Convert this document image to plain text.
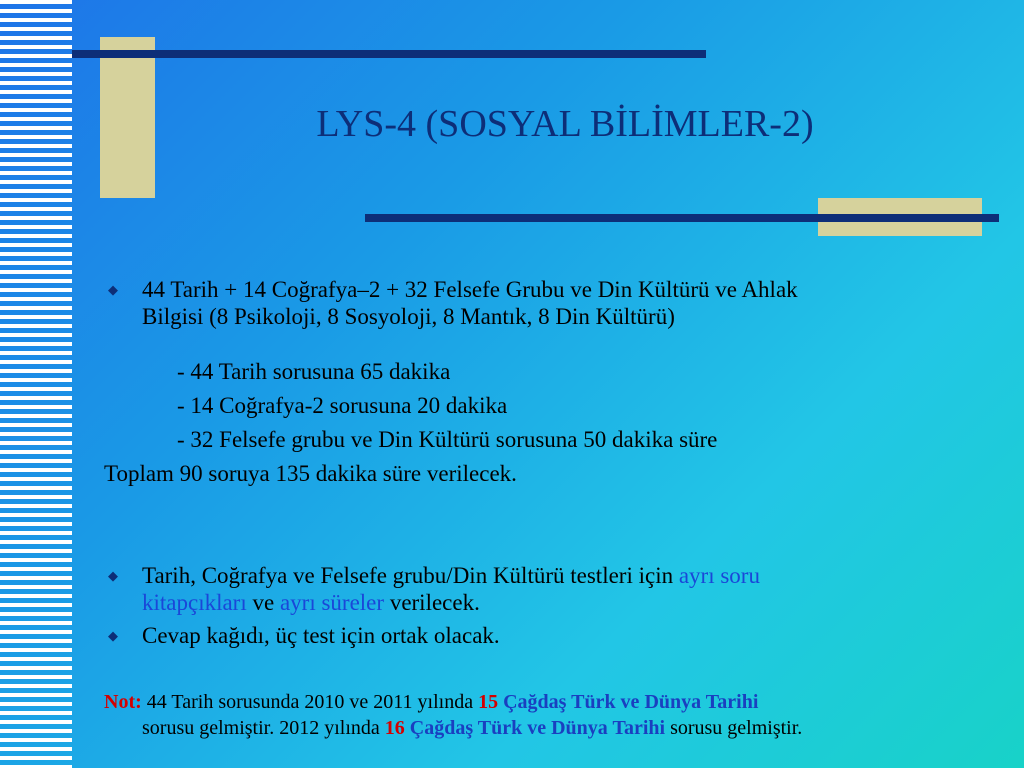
LYS-4 (SOSYAL BİLİMLER-2)
◆ 44 Tarih + 14 Coğrafya–2 + 32 Felsefe Grubu ve Din Kültürü ve Ahlak
Bilgisi (8 Psikoloji, 8 Sosyoloji, 8 Mantık, 8 Din Kültürü)
- 44 Tarih sorusuna 65 dakika
- 14 Coğrafya-2 sorusuna 20 dakika
- 32 Felsefe grubu ve Din Kültürü sorusuna 50 dakika süre
Toplam 90 soruya 135 dakika süre verilecek.
◆ Tarih, Coğrafya ve Felsefe grubu/Din Kültürü testleri için ayrı soru
kitapçıkları ve ayrı süreler verilecek.
◆ Cevap kağıdı, üç test için ortak olacak.
Not: 44 Tarih sorusunda 2010 ve 2011 yılında 15 Çağdaş Türk ve Dünya Tarihi
sorusu gelmiştir. 2012 yılında 16 Çağdaş Türk ve Dünya Tarihi sorusu gelmiştir.
